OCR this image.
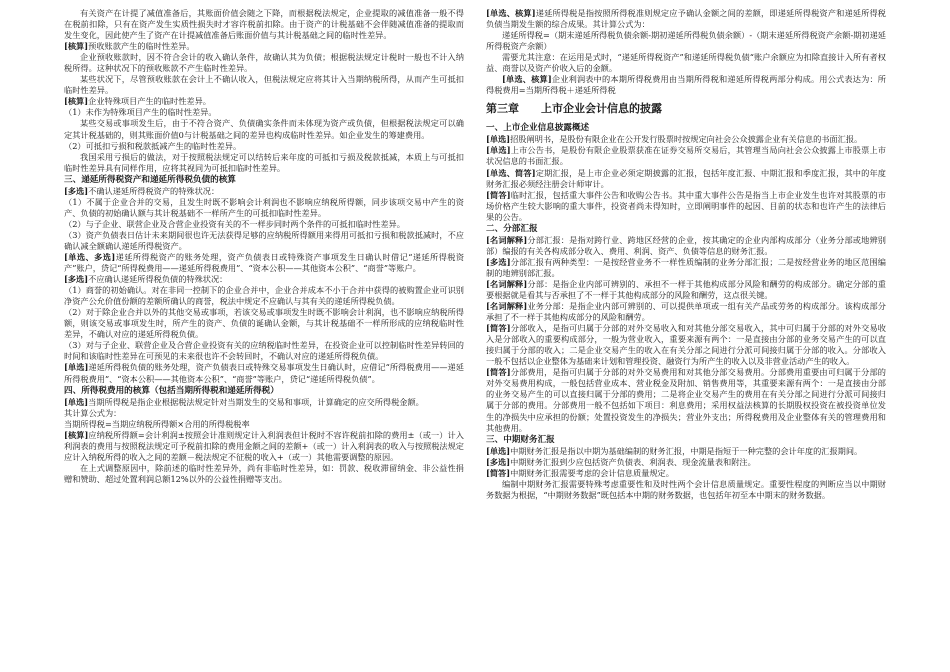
有关资产在计提了减值准备后，其账面价值会随之下降，而根据税法规定，企业提取的减值准备一般不得在税前扣除，只有在资产发生实质性损失时才容许税前扣除。由于资产的计税基础不会伴随减值准备的提取而发生变化，因此使产生了资产在计提减值准备后账面价值与其计税基础之间的临时性差异。

[核算]预收账款产生的临时性差异。

企业预收账款时，因不符合会计的收入确认条件，故确认其为负债；根据税法规定计税时一般也不计入纳税所得。这种状况下的预收账款不产生临时性差异。

某些状况下，尽管预收账款在会计上不确认收入，但税法规定应将其计入当期纳税所得，从而产生可抵扣临时性差异。

[核算]企业特殊项目产生的临时性差异。

（1）未作为特殊项目产生的临时性差异。

某些交易或事项发生后，由于不符合资产、负债确实条件而未体现为资产或负债，但根据税法规定可以确定其计税基础的，则其账面价值0与计税基础之间的差异也构成临时性差异。如企业发生的筹建费用。

（2）可抵扣亏损和税款抵减产生的临时性差异。

我国采用亏损后的做法，对于按照税法规定可以结转后来年度的可抵扣亏损及税款抵减，本质上与可抵扣临时性差异具有同样作用，应将其视同为可抵扣临时性差异。

三、递延所得税资产和递延所得税负债的核算

[多选]不确认递延所得税资产的特殊状况：

（1）不属于企业合并的交易，且发生时既不影响会计利润也不影响应纳税所得额，同步该项交易中产生的资产、负债的初始确认额与其计税基础不一样所产生的可抵扣临时性差异。

（2）与子企业、联营企业及合营企业投资有关的不一样步同时两个条件的可抵扣临时性差异。

（3）资产负债表日估计未来期间很也许无法获得足够的应纳税所得额用来得用可抵扣亏损和税款抵减时，不应确认减全额确认递延所得税资产。

[单选、多选]递延所得税资产的账务处理，资产负债表日或特殊资产事项发生日确认时借记“递延所得税资产”账户，贷记“所得税费用——递延所得税费用”、“资本公积——其他资本公积”、“商誉”等账户。

[多选]不应确认递延所得税负债的特殊状况：

（1）商誉的初始确认。对在非同一控制下的企业合并中，企业合并成本不小于合并中获得的被购置企业可识别净资产公允价值份额的差额所确认的商誉，税法中规定不应确认与其有关的递延所得税负债。

（2）对于除企业合并以外的其他交易或事项，若该交易或事项发生时既不影响会计利润，也不影响应纳税所得额，则该交易或事项发生时，所产生的资产、负债的诞确认金额，与其计税基础不一样所形成的应纳税临时性差异，不确认对应的递延所得税负债。

（3）对与子企业、联营企业及合营企业投资有关的应纳税临时性差异，在投资企业可以控制临时性差异转回的时间和该临时性差异在可预见的未来很也许不会转回时，不确认对应的递延所得税负债。

[单选]递延所得税负债的账务处理，资产负债表日或特殊交易事项发生日确认时，应借记“所得税费用——递延所得税费用”、“资本公积——其他资本公积”、“商誉”等账户，贷记“递延所得税负债”。

四、所得税费用的核算（包括当期所得税和递延所得税）

[单选]当期所得税是指企业根据税法规定针对当期发生的交易和事项，计算确定的应交所得税金额。

其计算公式为：

当期所得税=当期应纳税所得额×合用的所得税税率

[核算]应纳税所得额=会计利润±按照会计准则规定计入利润表但计税时不容许税前扣除的费用±（或一）计入利润表的费用与按照税法规定可予税前扣除的费用金额之间的差额+（或一）计入利润表的收入与按照税法规定应计入纳税所得的收入之间的差额－税法规定不征税的收入+（或一）其他需要调整的原因。

在上式调整原因中，除前述的临时性差异外，尚有非临时性差异，如：罚款、税收滞留纳金、非公益性捐赠和赞助、超过处置利润总额12%以外的公益性捐赠等支出。

[单选、核算]递延所得税是指按照所得税准则规定应予确认金额之间的差额，即递延所得税资产和递延所得税负债当期发生额的综合成果。其计算公式为：

递延所得税=（期末递延所得税负债余额-期初递延所得税负债余额）-（期末递延所得税资产余额-期初递延所得税资产余额）

需要尤其注意：在运用是式时，“递延所得税资产”和递延所得税负债“账户余额应为扣除直接计入所有者权益、商誉以及资产价收入后的金额。

[单选、核算]企业利润表中的本期所得税费用由当期所得税和递延所得税两部分构成。用公式表达为：所得税费用=当期所得税＋递延所得税

第三章 上市企业会计信息的披露
一、上市企业信息披露概述

[单选]招股阐明书，是股份有限企业在公开发行股票时按规定向社会公众披露企业有关信息的书面汇报。

[单选]上市公告书，是股份有限企业股票获准在证券交易所交易后，其管理当局向社会公众披露上市股票上市状况信息的书面汇报。

[单选、简答]定期汇报，是上市企业必须定期披露的汇报，包括年度汇报、中期汇报和季度汇报，其中的年度财务汇报必须经注册会计师审计。

[简答]临时汇报，包括重大事件公告和收购公告书。其中重大事件公告是指当上市企业发生也许对其股票的市场价格产生较大影响的重大事件，投资者尚未得知时，立即阐明事件的起因、目前的状态和也许产生的法律后果的公告。

二、分部汇报

[名词解释]分部汇报：是指对跨行业、跨地区经营的企业，按其确定的企业内部构成部分（业务分部或地辨别部）编报的有关各构成部分收入、费用、利润、资产、负债等信息的财务汇报。

[多选]分部汇报有两种类型：一是按经营业务不一样性质编制的业务分部汇报；二是按经营业务的地区范围编制的地辨别部汇报。

[名词解释]分部：是指企业内部可辨别的、承担不一样于其他构成部分风险和酬劳的构成部分。确定分部的重要根据就是看其与否承担了不一样于其他构成部分的风险和酬劳，这点很关键。

[名词解释]业务分部：是指企业内部可辨别的、可以提供单项或一组有关产品或劳务的构成部分。该构成部分承担了不一样于其他构成部分的风险和酬劳。

[简答]分部收入，是指可归属于分部的对外交易收入和对其他分部交易收入，其中可归属于分部的对外交易收入是分部收入的重要构成部分，一般为营业收入，重要来源有两个：一是直接由分部的业务交易产生的可以直接归属于分部的收入；二是企业交易产生的收入在有关分部之间进行分派可间接归属于分部的收入。分部收入一般不包括以企业整体为基础来计划和管理投资、融资行为所产生的收入以及非营业活动产生的收入。

[简答]分部费用，是指可归属于分部的对外交易费用和对其他分部交易费用。分部费用重要由可归属于分部的对外交易费用构成，一般包括营业成本、营业税金及附加、销售费用等，其重要来源有两个：一是直接由分部的业务交易产生的可以直接归属于分部的费用；二是将企业交易产生的费用在有关分部之间进行分派可间接归属于分部的费用。分部费用一般不包括如下项目：利息费用；采用权益法核算的长期股权投资在被投资单位发生的净损失中应承担的份额；处置投资发生的净损失；营业外支出；所得税费用及企业整体有关的管理费用和其他费用。

三、中期财务汇报

[单选]中期财务汇报是指以中期为基础编制的财务汇报，中期是指短于一种完整的会计年度的汇报期间。

[多选]中期财务汇报到少应包括资产负债表、利润表、现金流量表和附注。

[简答]中期财务汇报需要考虑的会计信息质量规定。

编制中期财务汇报需要特殊考虑重要性和及时性两个会计信息质量规定。重要性程度的判断应当以中期财务数据为根据，“中期财务数据”既包括本中期的财务数据，也包括年初至本中期末的财务数据。
